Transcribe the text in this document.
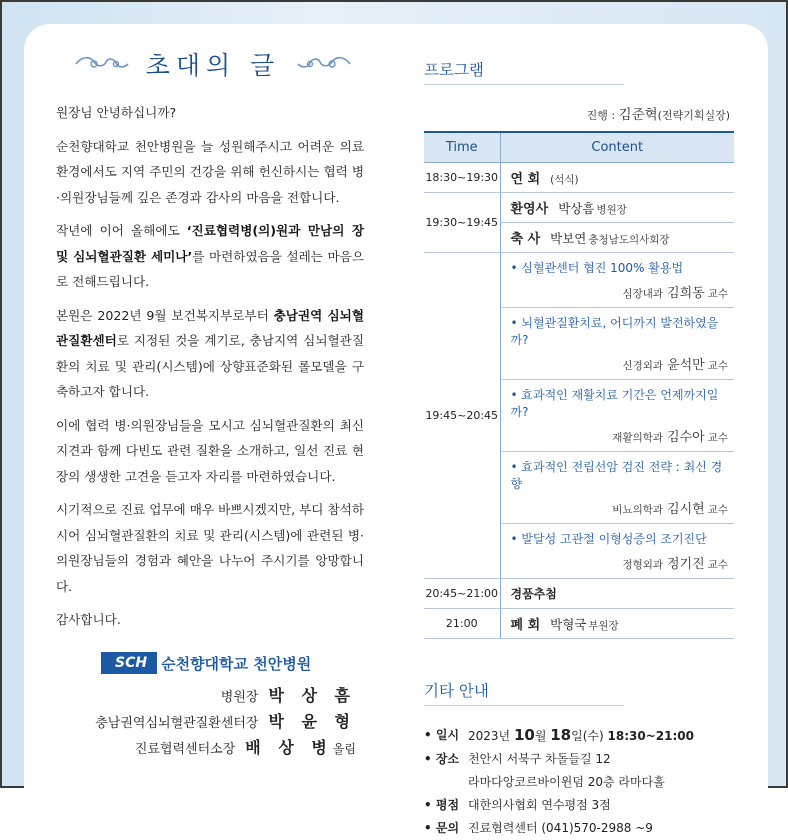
초대의 글

원장님 안녕하십니까?

순천향대학교 천안병원을 늘 성원해주시고 어려운 의료 환경에서도 지역 주민의 건강을 위해 헌신하시는 협력 병·의원장님들께 깊은 존경과 감사의 마음을 전합니다.

작년에 이어 올해에도 ‘진료협력병(의)원과 만남의 장 및 심뇌혈관질환 세미나’를 마련하였음을 설레는 마음으로 전해드립니다.

본원은 2022년 9월 보건복지부로부터 충남권역 심뇌혈관질환센터로 지정된 것을 계기로, 충남지역 심뇌혈관질환의 치료 및 관리(시스템)에 상향표준화된 롤모델을 구축하고자 합니다.

이에 협력 병·의원장님들을 모시고 심뇌혈관질환의 최신지견과 함께 다빈도 관련 질환을 소개하고, 일선 진료 현장의 생생한 고견을 듣고자 자리를 마련하였습니다.

시기적으로 진료 업무에 매우 바쁘시겠지만, 부디 참석하시어 심뇌혈관질환의 치료 및 관리(시스템)에 관련된 병·의원장님들의 경험과 혜안을 나누어 주시기를 앙망합니다.

감사합니다.

SCH 순천향대학교 천안병원
병원장 박 상 흠
충남권역심뇌혈관질환센터장 박 윤 형
진료협력센터소장 배 상 병올림
프로그램
진행 : 김준혁(전략기획실장)
Time	Content
18:30~19:30	연 회 (석식)
19:30~19:45	환영사 박상흠 병원장
	축 사 박보연 충청남도의사회장
19:45~20:45	• 심혈관센터 협진 100% 활용법
심장내과 김희동 교수

	• 뇌혈관질환치료, 어디까지 발전하였을까?
신경외과 윤석만 교수

	• 효과적인 재활치료 기간은 언제까지일까?
재활의학과 김수아 교수

	• 효과적인 전립선암 검진 전략 : 최신 경향
비뇨의학과 김시현 교수

	• 발달성 고관절 이형성증의 조기진단
정형외과 정기진 교수

20:45~21:00	경품추첨
21:00	폐 회 박형국 부원장
기타 안내
• 일시 2023년 10월 18일(수) 18:30~21:00
• 장소 천안시 서북구 차돌들길 12
라마다앙코르바이윈덤 20층 라마다홀
• 평점 대한의사협회 연수평점 3점
• 문의 진료협력센터 (041)570-2988 ~9
